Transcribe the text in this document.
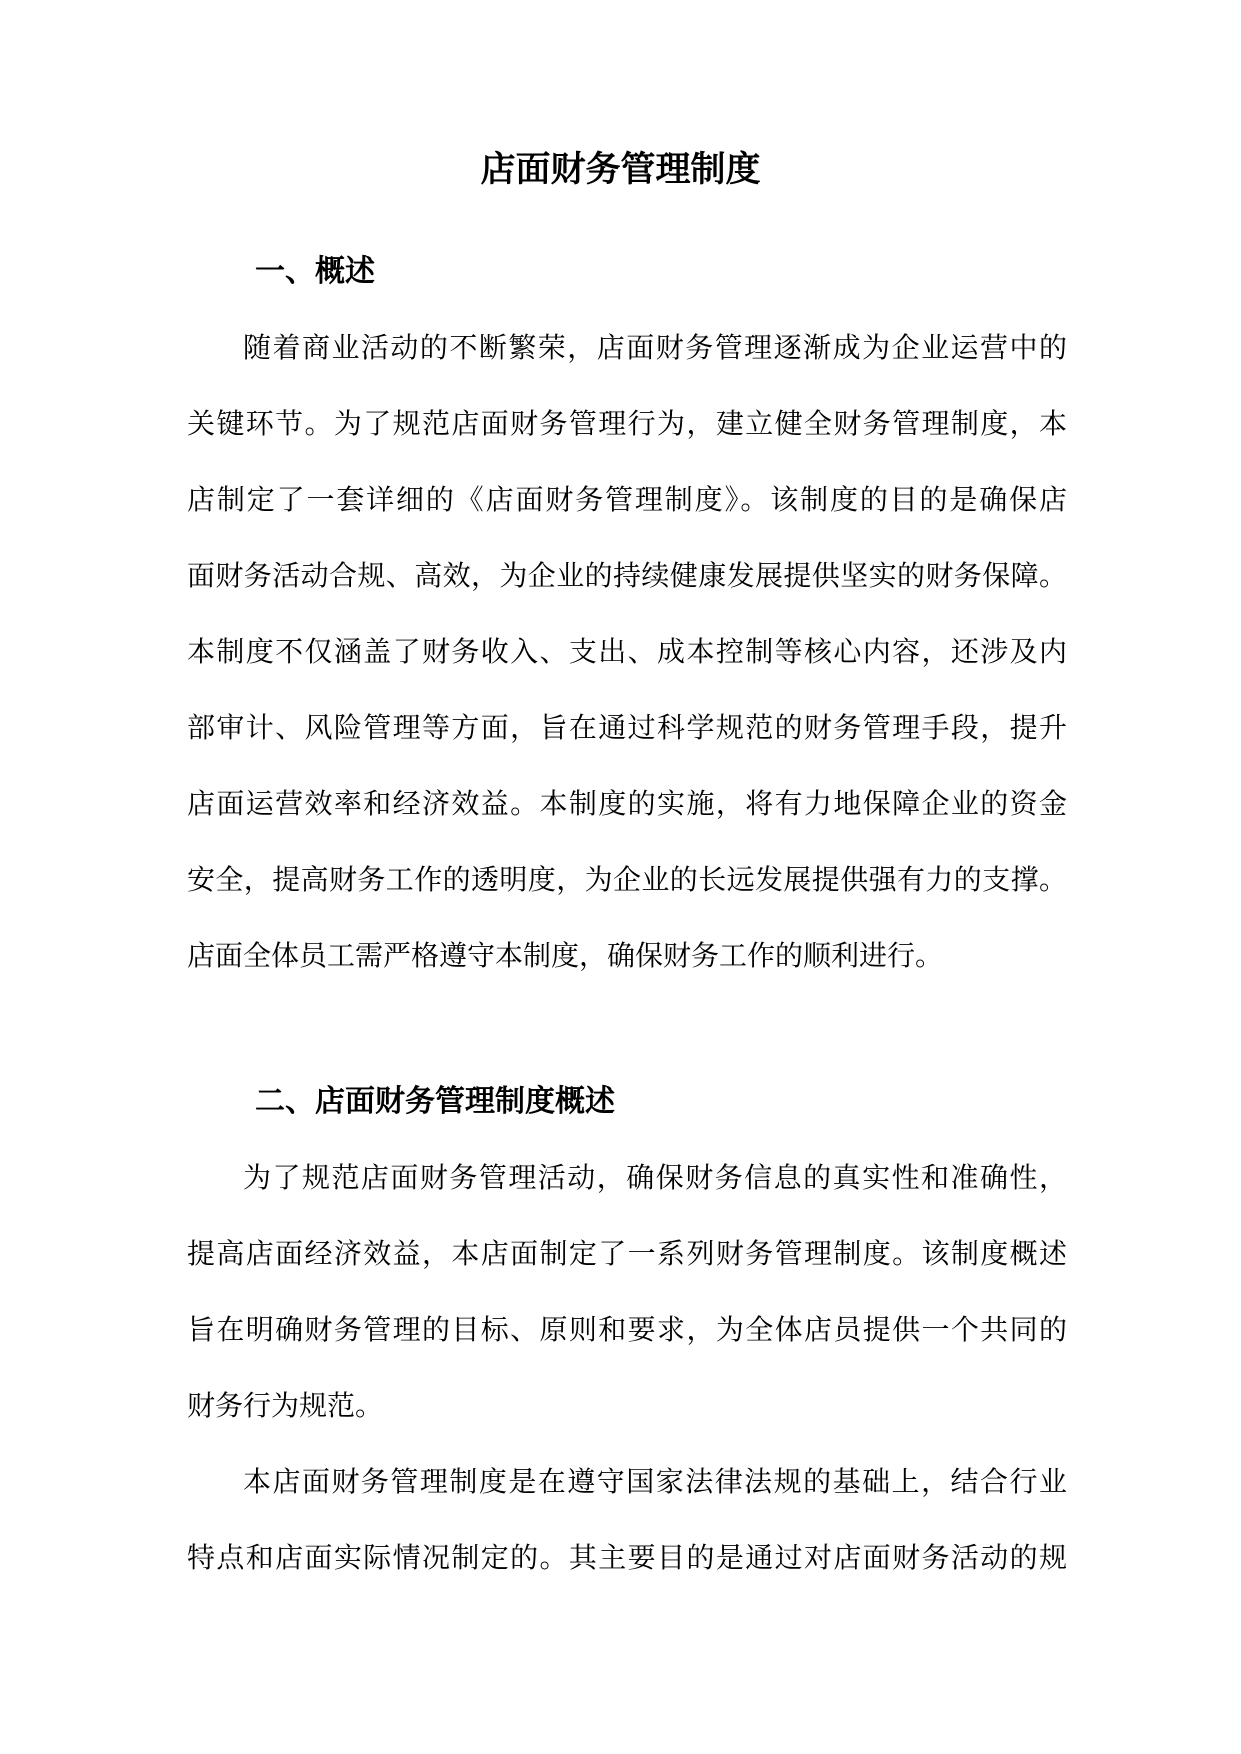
店面财务管理制度
一、概述
随着商业活动的不断繁荣，店面财务管理逐渐成为企业运营中的
关键环节。为了规范店面财务管理行为，建立健全财务管理制度，本
店制定了一套详细的《店面财务管理制度》。该制度的目的是确保店
面财务活动合规、高效，为企业的持续健康发展提供坚实的财务保障。
本制度不仅涵盖了财务收入、支出、成本控制等核心内容，还涉及内
部审计、风险管理等方面，旨在通过科学规范的财务管理手段，提升
店面运营效率和经济效益。本制度的实施，将有力地保障企业的资金
安全，提高财务工作的透明度，为企业的长远发展提供强有力的支撑。
店面全体员工需严格遵守本制度，确保财务工作的顺利进行。
二、店面财务管理制度概述
为了规范店面财务管理活动，确保财务信息的真实性和准确性，
提高店面经济效益，本店面制定了一系列财务管理制度。该制度概述
旨在明确财务管理的目标、原则和要求，为全体店员提供一个共同的
财务行为规范。
本店面财务管理制度是在遵守国家法律法规的基础上，结合行业
特点和店面实际情况制定的。其主要目的是通过对店面财务活动的规
